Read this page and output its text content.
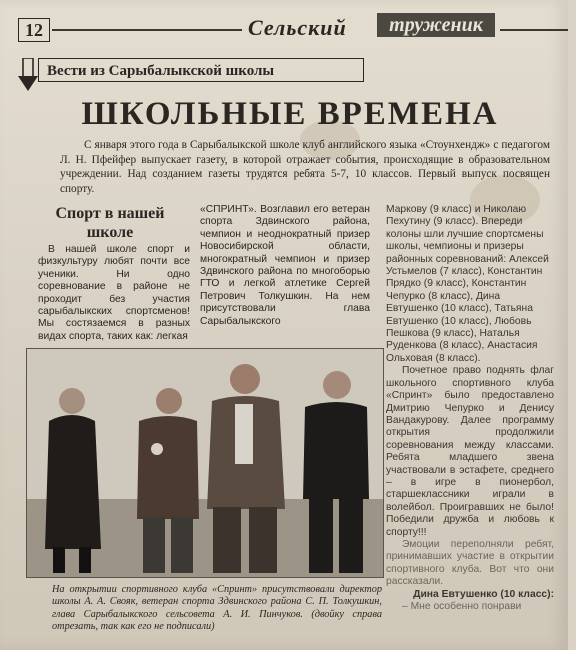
12	Сельский	труженик
Вести из Сарыбалыкской школы
ШКОЛЬНЫЕ ВРЕМЕНА
С января этого года в Сарыбалыкской школе клуб английского языка «Стоунхендж» с педагогом Л. Н. Пфейфер выпускает газету, в которой отражает события, происходящие в образовательном учреждении. Над созданием газеты трудятся ребята 5-7, 10 классов. Первый выпуск посвящен спорту.
Спорт в нашей школе
В нашей школе спорт и физкультуру любят почти все ученики. Ни одно соревнование в районе не проходит без участия сарыбалыкских спортсменов! Мы состязаемся в разных видах спорта, таких как: легкая
«СПРИНТ». Возглавил его ветеран спорта Здвинского района, чемпион и неоднократный призер Новосибирской области, многократный чемпион и призер Здвинского района по многоборью ГТО и легкой атлетике Сергей Петрович Толкушкин. На нем присутствовали глава Сарыбалыкского

Маркову (9 класс) и Николаю Пехутину (9 класс). Впереди колоны шли лучшие спортсмены школы, чемпионы и призеры районных соревнований: Алексей Устьмелов (7 класс), Константин Прядко (9 класс), Константин Чепурко (8 класс), Дина Евтушенко (10 класс), Татьяна Евтушенко (10 класс), Любовь Пешкова (9 класс), Наталья Руденкова (8 класс), Анастасия Ольховая (8 класс).

Почетное право поднять флаг школьного спортивного клуба «Спринт» было предоставлено Дмитрию Чепурко и Денису Вандакурову. Далее программу открытия продолжили соревнования между классами. Ребята младшего звена участвовали в эстафете, среднего – в игре в пионербол, старшеклассники играли в волейбол. Проигравших не было! Победили дружба и любовь к спорту!!!

Эмоции переполняли ребят, принимавших участие в открытии спортивного клуба. Вот что они рассказали.

Дина Евтушенко (10 класс):

– Мне особенно понрави

На открытии спортивного клуба «Спринт» присутствовали директор школы А. А. Свояк, ветеран спорта Здвинского района С. П. Толкушкин, глава Сарыбалыкского сельсовета А. И. Пинчуков. (двойку справа отрезать, так как его не подписали)
